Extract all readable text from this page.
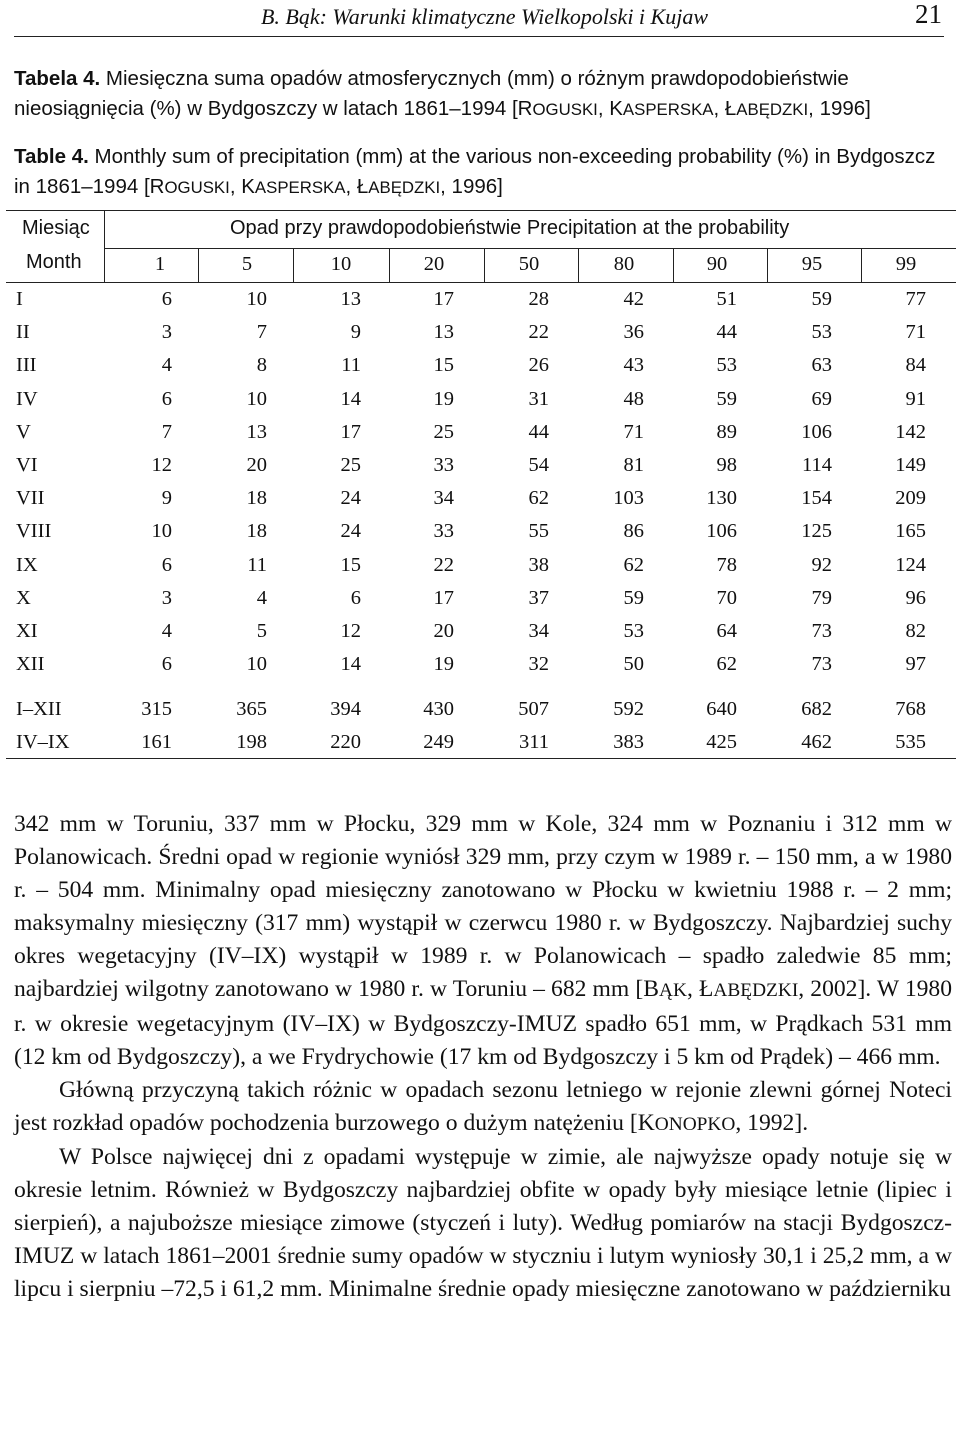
B. Bąk: Warunki klimatyczne Wielkopolski i Kujaw	21

Tabela 4. Miesięczna suma opadów atmosferycznych (mm) o różnym prawdopodobieństwie nieosiągnięcia (%) w Bydgoszczy w latach 1861–1994 [ROGUSKI, KASPERSKA, ŁABĘDZKI, 1996]

Table 4. Monthly sum of precipitation (mm) at the various non-exceeding probability (%) in Bydgoszcz in 1861–1994 [ROGUSKI, KASPERSKA, ŁABĘDZKI, 1996]

Miesiąc
Month
Opad przy prawdopodobieństwie Precipitation at the probability
1	5	10	20	50	80	90	95	99
I	6	10	13	17	28	42	51	59	77
II	3	7	9	13	22	36	44	53	71
III	4	8	11	15	26	43	53	63	84
IV	6	10	14	19	31	48	59	69	91
V	7	13	17	25	44	71	89	106	142
VI	12	20	25	33	54	81	98	114	149
VII	9	18	24	34	62	103	130	154	209
VIII	10	18	24	33	55	86	106	125	165
IX	6	11	15	22	38	62	78	92	124
X	3	4	6	17	37	59	70	79	96
XI	4	5	12	20	34	53	64	73	82
XII	6	10	14	19	32	50	62	73	97
I–XII	315	365	394	430	507	592	640	682	768
IV–IX	161	198	220	249	311	383	425	462	535

342 mm w Toruniu, 337 mm w Płocku, 329 mm w Kole, 324 mm w Poznaniu i 312 mm w Polanowicach. Średni opad w regionie wyniósł 329 mm, przy czym w 1989 r. – 150 mm, a w 1980 r. – 504 mm. Minimalny opad miesięczny zanotowano w Płocku w kwietniu 1988 r. – 2 mm; maksymalny miesięczny (317 mm) wystąpił w czerwcu 1980 r. w Bydgoszczy. Najbardziej suchy okres wegetacyjny (IV–IX) wystąpił w 1989 r. w Polanowicach – spadło zaledwie 85 mm; najbardziej wilgotny zanotowano w 1980 r. w Toruniu – 682 mm [BĄK, ŁABĘDZKI, 2002]. W 1980 r. w okresie wegetacyjnym (IV–IX) w Bydgoszczy-IMUZ spadło 651 mm, w Prądkach 531 mm (12 km od Bydgoszczy), a we Frydrychowie (17 km od Bydgoszczy i 5 km od Prądek) – 466 mm.

Główną przyczyną takich różnic w opadach sezonu letniego w rejonie zlewni górnej Noteci jest rozkład opadów pochodzenia burzowego o dużym natężeniu [KONOPKO, 1992].

W Polsce najwięcej dni z opadami występuje w zimie, ale najwyższe opady notuje się w okresie letnim. Również w Bydgoszczy najbardziej obfite w opady były miesiące letnie (lipiec i sierpień), a najuboższe miesiące zimowe (styczeń i luty). Według pomiarów na stacji Bydgoszcz-IMUZ w latach 1861–2001 średnie sumy opadów w styczniu i lutym wyniosły 30,1 i 25,2 mm, a w lipcu i sierpniu –72,5 i 61,2 mm. Minimalne średnie opady miesięczne zanotowano w październiku
